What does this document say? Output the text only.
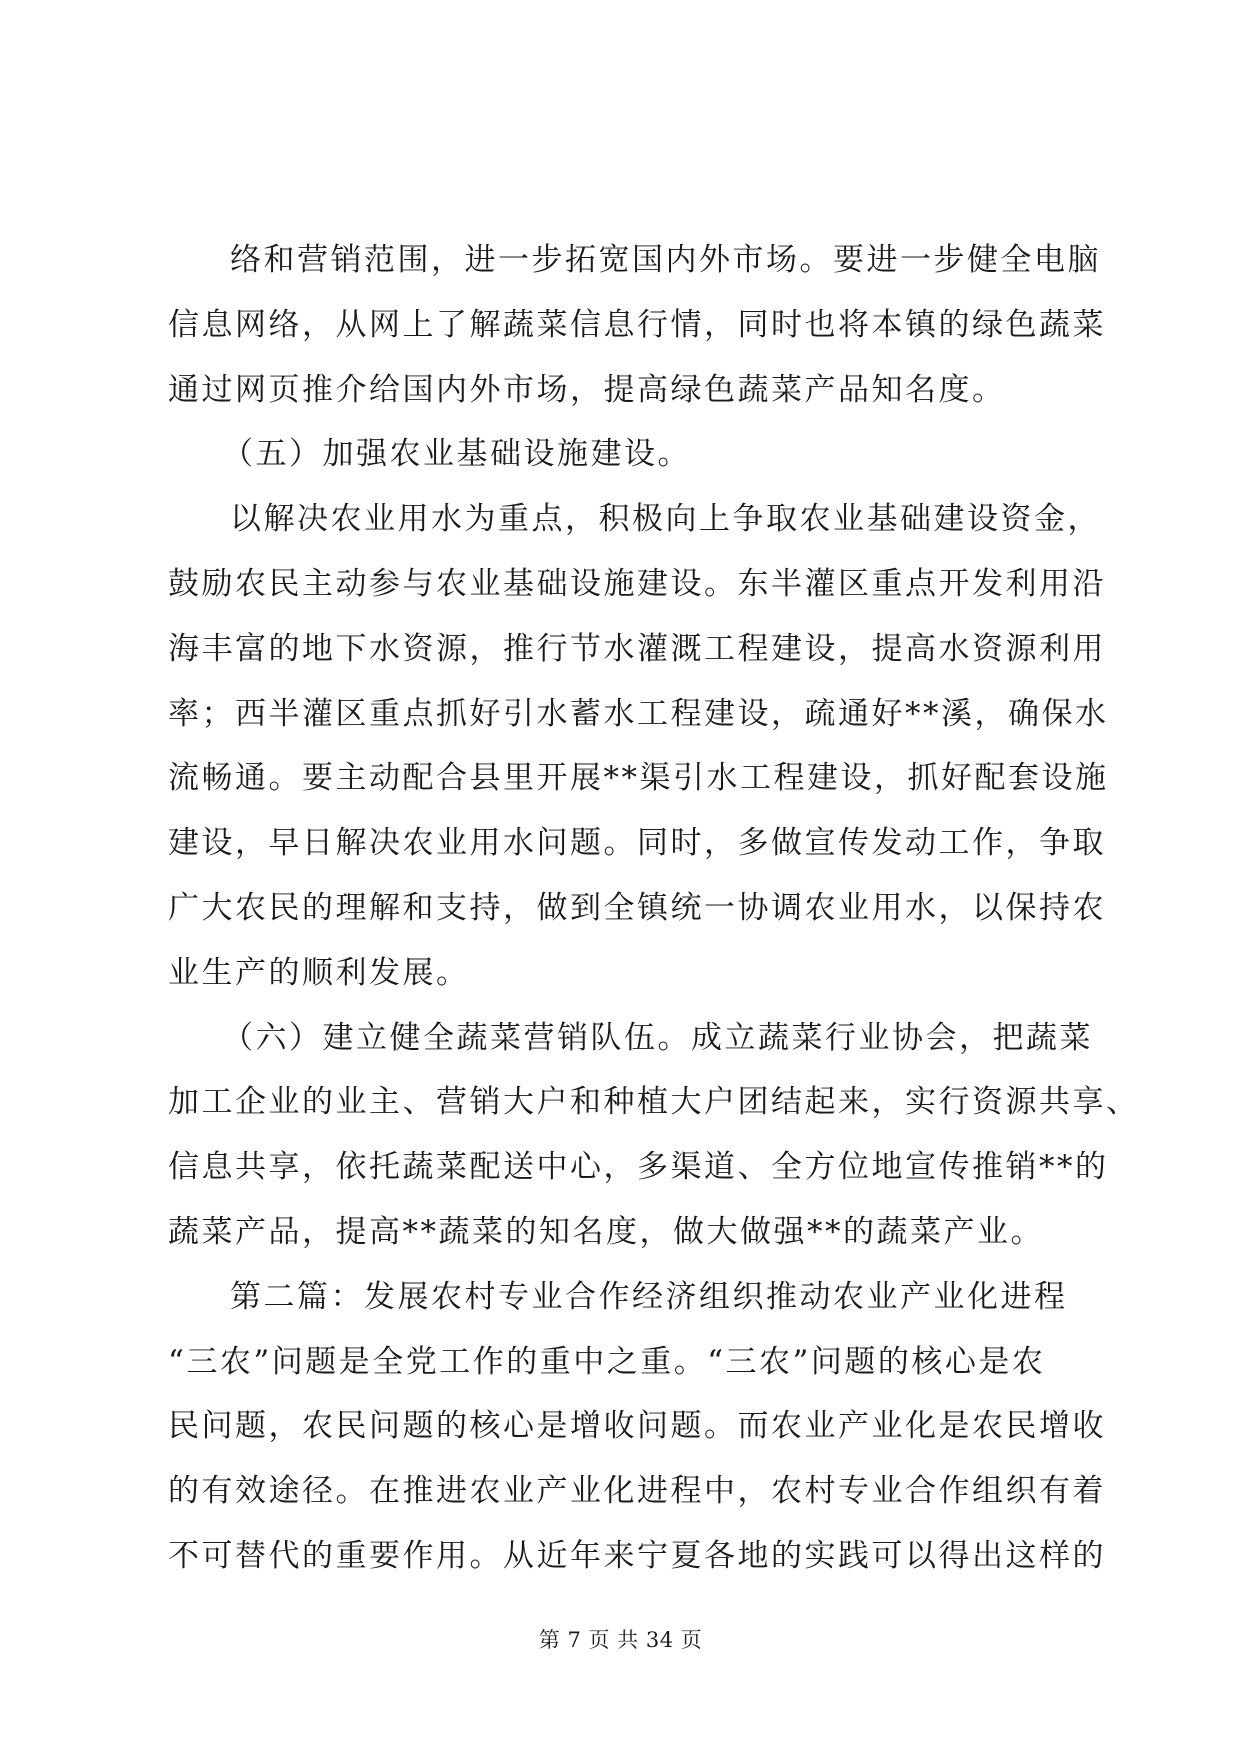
络和营销范围，进一步拓宽国内外市场。要进一步健全电脑
信息网络，从网上了解蔬菜信息行情，同时也将本镇的绿色蔬菜
通过网页推介给国内外市场，提高绿色蔬菜产品知名度。
（五）加强农业基础设施建设。
以解决农业用水为重点，积极向上争取农业基础建设资金，
鼓励农民主动参与农业基础设施建设。东半灌区重点开发利用沿
海丰富的地下水资源，推行节水灌溉工程建设，提高水资源利用
率；西半灌区重点抓好引水蓄水工程建设，疏通好**溪，确保水
流畅通。要主动配合县里开展**渠引水工程建设，抓好配套设施
建设，早日解决农业用水问题。同时，多做宣传发动工作，争取
广大农民的理解和支持，做到全镇统一协调农业用水，以保持农
业生产的顺利发展。
（六）建立健全蔬菜营销队伍。成立蔬菜行业协会，把蔬菜
加工企业的业主、营销大户和种植大户团结起来，实行资源共享、
信息共享，依托蔬菜配送中心，多渠道、全方位地宣传推销**的
蔬菜产品，提高**蔬菜的知名度，做大做强**的蔬菜产业。
第二篇：发展农村专业合作经济组织推动农业产业化进程
“三农”问题是全党工作的重中之重。“三农”问题的核心是农
民问题，农民问题的核心是增收问题。而农业产业化是农民增收
的有效途径。在推进农业产业化进程中，农村专业合作组织有着
不可替代的重要作用。从近年来宁夏各地的实践可以得出这样的
第 7 页 共 34 页
